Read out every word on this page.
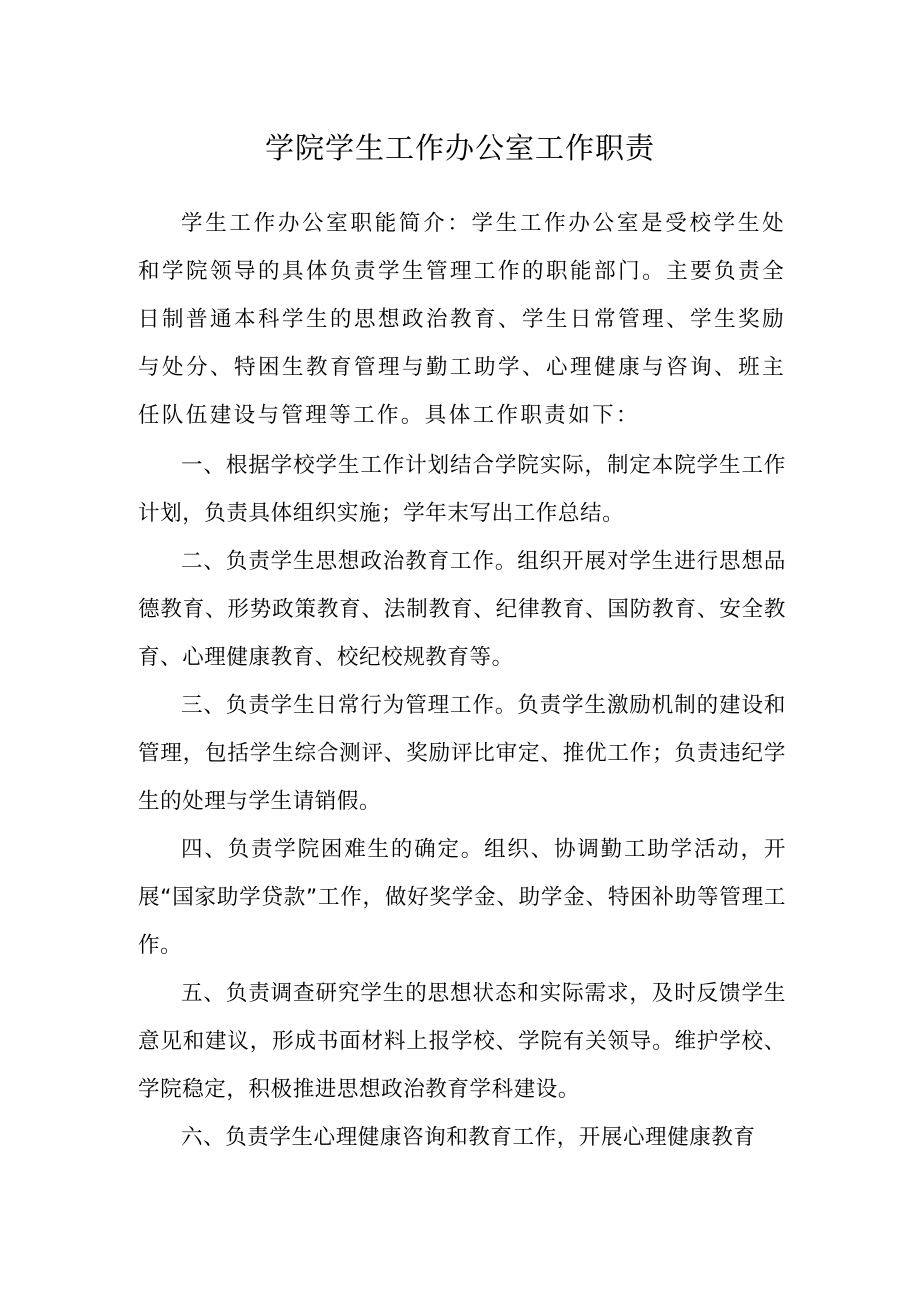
学院学生工作办公室工作职责

学生工作办公室职能简介：学生工作办公室是受校学生处和学院领导的具体负责学生管理工作的职能部门。主要负责全日制普通本科学生的思想政治教育、学生日常管理、学生奖励与处分、特困生教育管理与勤工助学、心理健康与咨询、班主任队伍建设与管理等工作。具体工作职责如下：

一、根据学校学生工作计划结合学院实际，制定本院学生工作计划，负责具体组织实施；学年末写出工作总结。

二、负责学生思想政治教育工作。组织开展对学生进行思想品德教育、形势政策教育、法制教育、纪律教育、国防教育、安全教育、心理健康教育、校纪校规教育等。

三、负责学生日常行为管理工作。负责学生激励机制的建设和管理，包括学生综合测评、奖励评比审定、推优工作；负责违纪学生的处理与学生请销假。

四、负责学院困难生的确定。组织、协调勤工助学活动，开展“国家助学贷款”工作，做好奖学金、助学金、特困补助等管理工作。

五、负责调查研究学生的思想状态和实际需求，及时反馈学生意见和建议，形成书面材料上报学校、学院有关领导。维护学校、学院稳定，积极推进思想政治教育学科建设。

六、负责学生心理健康咨询和教育工作，开展心理健康教育
